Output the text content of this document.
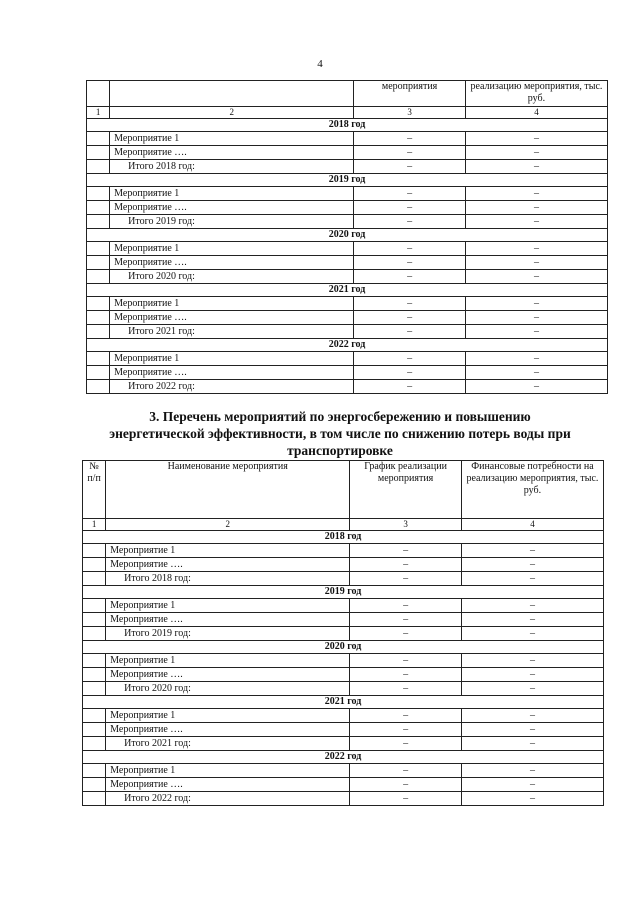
4
		мероприятия	реализацию мероприятия, тыс. руб.
1	2	3	4
2018 год			
	Мероприятие 1	–	–
	Мероприятие ….	–	–
	Итого 2018 год:	–	–
2019 год			
	Мероприятие 1	–	–
	Мероприятие ….	–	–
	Итого 2019 год:	–	–
2020 год			
	Мероприятие 1	–	–
	Мероприятие ….	–	–
	Итого 2020 год:	–	–
2021 год			
	Мероприятие 1	–	–
	Мероприятие ….	–	–
	Итого 2021 год:	–	–
2022 год			
	Мероприятие 1	–	–
	Мероприятие ….	–	–
	Итого 2022 год:	–	–
3. Перечень мероприятий по энергосбережению и повышению энергетической эффективности, в том числе по снижению потерь воды при транспортировке
№ п/п	Наименование мероприятия	График реализации мероприятия	Финансовые потребности на реализацию мероприятия, тыс. руб.
1	2	3	4
2018 год			
	Мероприятие 1	–	–
	Мероприятие ….	–	–
	Итого 2018 год:	–	–
2019 год			
	Мероприятие 1	–	–
	Мероприятие ….	–	–
	Итого 2019 год:	–	–
2020 год			
	Мероприятие 1	–	–
	Мероприятие ….	–	–
	Итого 2020 год:	–	–
2021 год			
	Мероприятие 1	–	–
	Мероприятие ….	–	–
	Итого 2021 год:	–	–
2022 год			
	Мероприятие 1	–	–
	Мероприятие ….	–	–
	Итого 2022 год:	–	–
